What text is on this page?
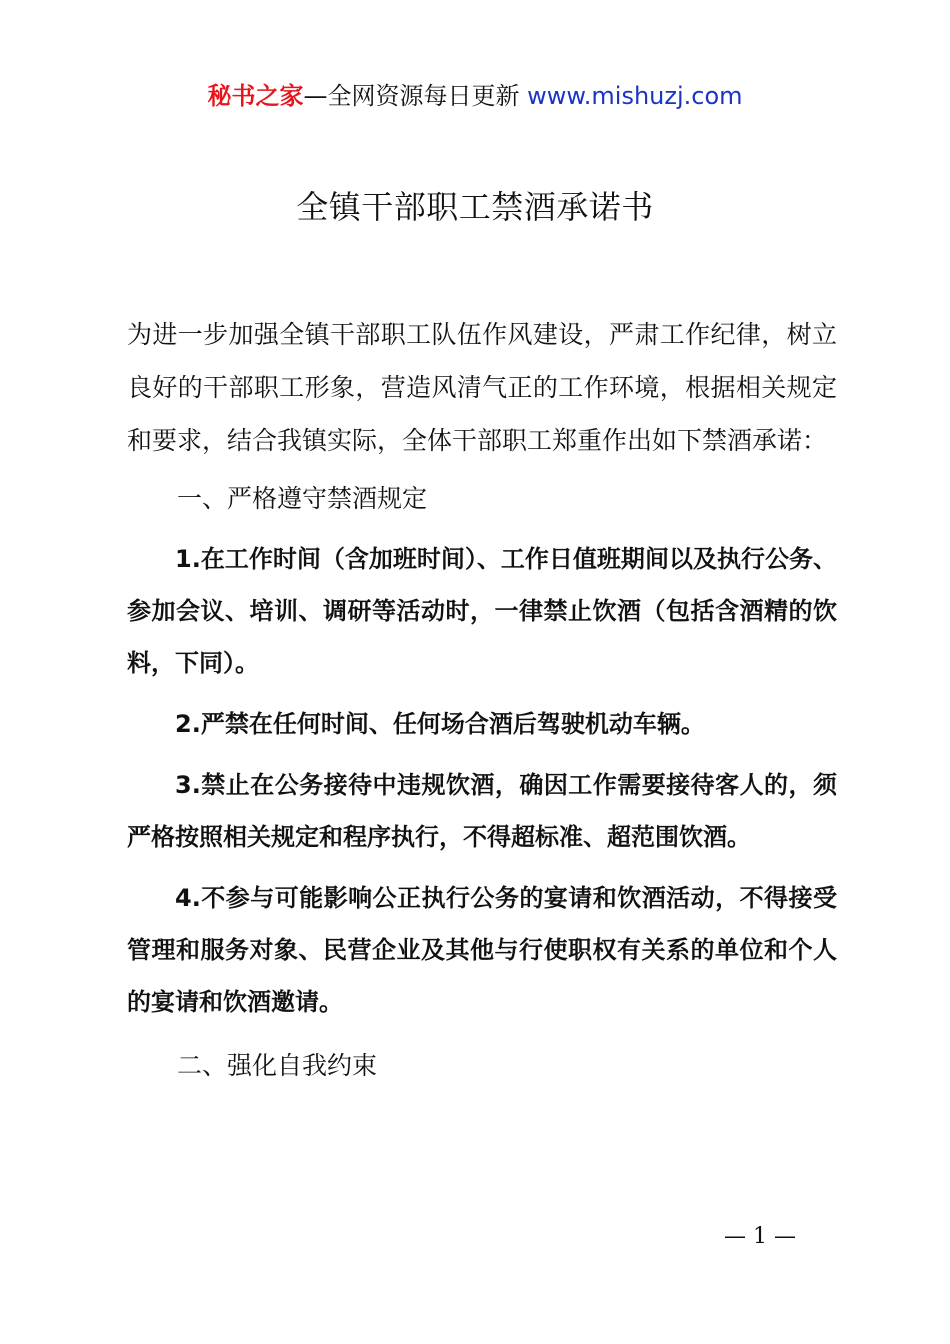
秘书之家—全网资源每日更新 www.mishuzj.com
全镇干部职工禁酒承诺书

为进一步加强全镇干部职工队伍作风建设，严肃工作纪律，树立良好的干部职工形象，营造风清气正的工作环境，根据相关规定和要求，结合我镇实际，全体干部职工郑重作出如下禁酒承诺：

一、严格遵守禁酒规定

1.在工作时间（含加班时间）、工作日值班期间以及执行公务、参加会议、培训、调研等活动时，一律禁止饮酒（包括含酒精的饮料，下同）。

2.严禁在任何时间、任何场合酒后驾驶机动车辆。

3.禁止在公务接待中违规饮酒，确因工作需要接待客人的，须严格按照相关规定和程序执行，不得超标准、超范围饮酒。

4.不参与可能影响公正执行公务的宴请和饮酒活动，不得接受管理和服务对象、民营企业及其他与行使职权有关系的单位和个人的宴请和饮酒邀请。

二、强化自我约束

— 1 —
